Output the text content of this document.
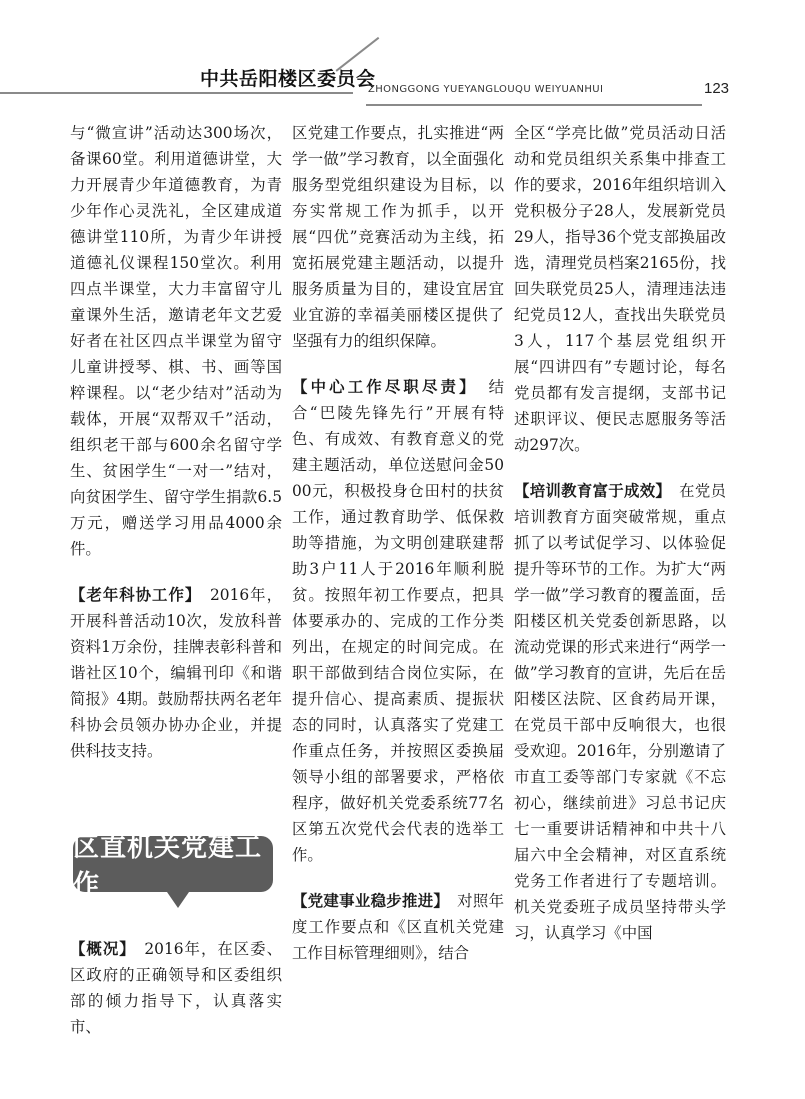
中共岳阳楼区委员会
ZHONGGONG YUEYANGLOUQU WEIYUANHUI	123

与“微宣讲”活动达300场次，备课60堂。利用道德讲堂，大力开展青少年道德教育，为青少年作心灵洗礼，全区建成道德讲堂110所，为青少年讲授道德礼仪课程150堂次。利用四点半课堂，大力丰富留守儿童课外生活，邀请老年文艺爱好者在社区四点半课堂为留守儿童讲授琴、棋、书、画等国粹课程。以“老少结对”活动为载体，开展“双帮双千”活动，组织老干部与600余名留守学生、贫困学生“一对一”结对，向贫困学生、留守学生捐款6.5万元，赠送学习用品4000余件。

【老年科协工作】　 2016年，开展科普活动10次，发放科普资料1万余份，挂牌表彰科普和谐社区10个，编辑刊印《和谐简报》4期。鼓励帮扶两名老年科协会员领办协办企业，并提供科技支持。

区直机关党建工作

【概况】　 2016年，在区委、区政府的正确领导和区委组织部的倾力指导下，认真落实市、

区党建工作要点，扎实推进“两学一做”学习教育，以全面强化服务型党组织建设为目标，以夯实常规工作为抓手，以开展“四优”竞赛活动为主线，拓宽拓展党建主题活动，以提升服务质量为目的，建设宜居宜业宜游的幸福美丽楼区提供了坚强有力的组织保障。

【中心工作尽职尽责】　 结合“巴陵先锋先行”开展有特色、有成效、有教育意义的党建主题活动，单位送慰问金5000元，积极投身仓田村的扶贫工作，通过教育助学、低保救助等措施，为文明创建联建帮助3户11人于2016年顺利脱贫。按照年初工作要点，把具体要承办的、完成的工作分类列出，在规定的时间完成。在职干部做到结合岗位实际，在提升信心、提高素质、提振状态的同时，认真落实了党建工作重点任务，并按照区委换届领导小组的部署要求，严格依程序，做好机关党委系统77名区第五次党代会代表的选举工作。

【党建事业稳步推进】　 对照年度工作要点和《区直机关党建工作目标管理细则》，结合

全区“学亮比做”党员活动日活动和党员组织关系集中排查工作的要求，2016年组织培训入党积极分子28人，发展新党员29人，指导36个党支部换届改选，清理党员档案2165份，找回失联党员25人，清理违法违纪党员12人，查找出失联党员3人，117个基层党组织开展“四讲四有”专题讨论，每名党员都有发言提纲，支部书记述职评议、便民志愿服务等活动297次。

【培训教育富于成效】　 在党员培训教育方面突破常规，重点抓了以考试促学习、以体验促提升等环节的工作。为扩大“两学一做”学习教育的覆盖面，岳阳楼区机关党委创新思路，以流动党课的形式来进行“两学一做”学习教育的宣讲，先后在岳阳楼区法院、区食药局开课，在党员干部中反响很大，也很受欢迎。2016年，分别邀请了市直工委等部门专家就《不忘初心，继续前进》习总书记庆七一重要讲话精神和中共十八届六中全会精神，对区直系统党务工作者进行了专题培训。机关党委班子成员坚持带头学习，认真学习《中国
